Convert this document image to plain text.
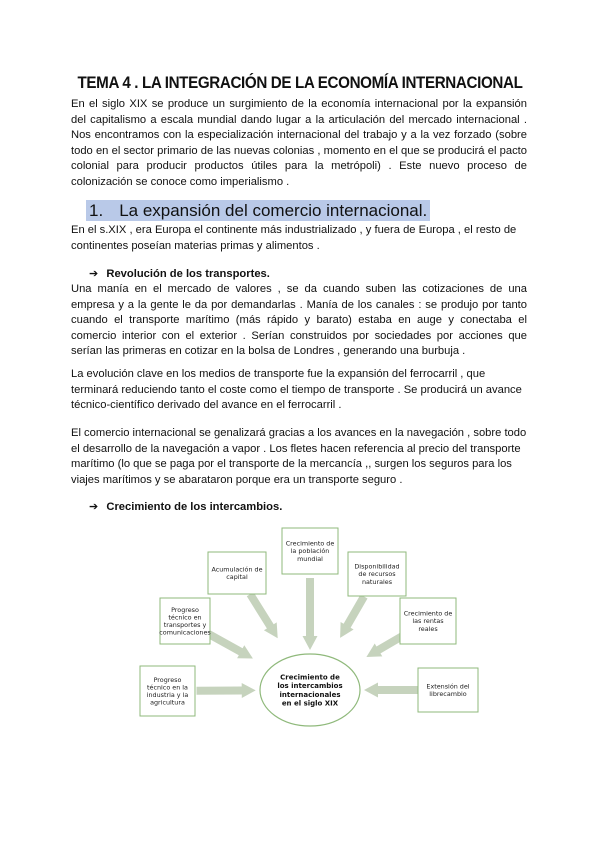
TEMA 4 . LA INTEGRACIÓN DE LA ECONOMÍA INTERNACIONAL

En el siglo XIX se produce un surgimiento de la economía internacional por la expansión del capitalismo a escala mundial dando lugar a la articulación del mercado internacional . Nos encontramos con la especialización internacional del trabajo y a la vez forzado (sobre todo en el sector primario de las nuevas colonias , momento en el que se producirá el pacto colonial para producir productos útiles para la metrópoli) . Este nuevo proceso de colonización se conoce como imperialismo .

1. La expansión del comercio internacional.

En el s.XIX , era Europa el continente más industrializado , y fuera de Europa , el resto de continentes poseían materias primas y alimentos .

➔ Revolución de los transportes.

Una manía en el mercado de valores , se da cuando suben las cotizaciones de una empresa y a la gente le da por demandarlas . Manía de los canales : se produjo por tanto cuando el transporte marítimo (más rápido y barato) estaba en auge y conectaba el comercio interior con el exterior . Serían construidos por sociedades por acciones que serían las primeras en cotizar en la bolsa de Londres , generando una burbuja .

La evolución clave en los medios de transporte fue la expansión del ferrocarril , que terminará reduciendo tanto el coste como el tiempo de transporte . Se producirá un avance técnico-científico derivado del avance en el ferrocarril .

El comercio internacional se genalizará gracias a los avances en la navegación , sobre todo el desarrollo de la navegación a vapor . Los fletes hacen referencia al precio del transporte marítimo (lo que se paga por el transporte de la mercancía ,, surgen los seguros para los viajes marítimos y se abarataron porque era un transporte seguro .

➔ Crecimiento de los intercambios.
Progreso
técnico en la
industria y la
agricultura
Progreso
técnico en
transportes y
comunicaciones
Acumulación de
capital
Crecimiento de
la población
mundial
Disponibilidad
de recursos
naturales
Crecimiento de
las rentas
reales
Extensión del
librecambio
Crecimiento de
los intercambios
internacionales
en el siglo XIX
